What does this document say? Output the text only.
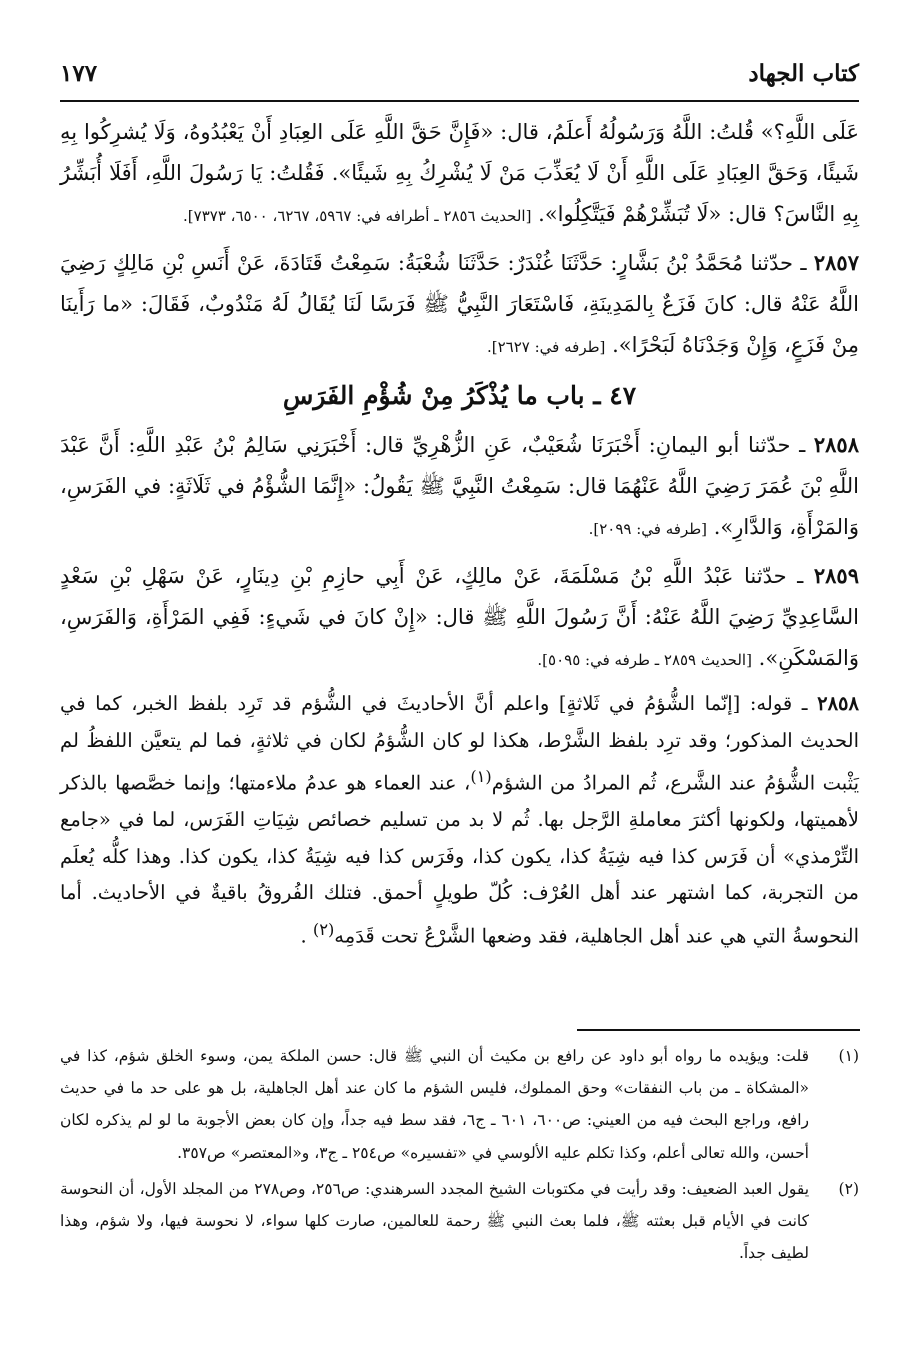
كتاب الجهاد
١٧٧

عَلَى اللَّهِ؟» قُلتُ: اللَّهُ وَرَسُولُهُ أَعلَمُ، قال: «فَإِنَّ حَقَّ اللَّهِ عَلَى العِبَادِ أَنْ يَعْبُدُوهُ، وَلَا يُشرِكُوا بِهِ شَيئًا، وَحَقَّ العِبَادِ عَلَى اللَّهِ أَنْ لَا يُعَذِّبَ مَنْ لَا يُشْرِكُ بِهِ شَيئًا». فَقُلتُ: يَا رَسُولَ اللَّهِ، أَفَلَا أُبَشِّرُ بِهِ النَّاسَ؟ قال: «لَا تُبَشِّرْهُمْ فَيَتَّكِلُوا». [الحديث ٢٨٥٦ ـ أطرافه في: ٥٩٦٧، ٦٢٦٧، ٦٥٠٠، ٧٣٧٣].

٢٨٥٧ ـ حدّثنا مُحَمَّدُ بْنُ بَشَّارٍ: حَدَّثَنَا غُنْدَرٌ: حَدَّثَنَا شُعْبَةُ: سَمِعْتُ قَتَادَةَ، عَنْ أَنَسِ بْنِ مَالِكٍ رَضِيَ اللَّهُ عَنْهُ قال: كانَ فَزَعٌ بِالمَدِينَةِ، فَاسْتَعَارَ النَّبِيُّ ﷺ فَرَسًا لَنَا يُقَالُ لَهُ مَنْدُوبٌ، فَقَالَ: «ما رَأَينَا مِنْ فَزَعٍ، وَإِنْ وَجَدْنَاهُ لَبَحْرًا». [طرفه في: ٢٦٢٧].

٤٧ ـ باب ما يُذْكَرُ مِنْ شُؤْمِ الفَرَسِ

٢٨٥٨ ـ حدّثنا أبو اليمانِ: أَخْبَرَنَا شُعَيْبٌ، عَنِ الزُّهْرِيِّ قال: أَخْبَرَنِي سَالِمُ بْنُ عَبْدِ اللَّهِ: أَنَّ عَبْدَ اللَّهِ بْنَ عُمَرَ رَضِيَ اللَّهُ عَنْهُمَا قال: سَمِعْتُ النَّبِيَّ ﷺ يَقُولُ: «إِنَّمَا الشُّؤْمُ في ثَلَاثَةٍ: في الفَرَسِ، وَالمَرْأَةِ، وَالدَّارِ». [طرفه في: ٢٠٩٩].

٢٨٥٩ ـ حدّثنا عَبْدُ اللَّهِ بْنُ مَسْلَمَةَ، عَنْ مالِكٍ، عَنْ أَبِي حازِمِ بْنِ دِينَارٍ، عَنْ سَهْلِ بْنِ سَعْدٍ السَّاعِدِيِّ رَضِيَ اللَّهُ عَنْهُ: أَنَّ رَسُولَ اللَّهِ ﷺ قال: «إِنْ كانَ في شَيءٍ: فَفِي المَرْأَةِ، وَالفَرَسِ، وَالمَسْكَنِ». [الحديث ٢٨٥٩ ـ طرفه في: ٥٠٩٥].

٢٨٥٨ ـ قوله: [إنّما الشُّؤمُ في ثَلاثةٍ] واعلم أنَّ الأحاديثَ في الشُّؤم قد تَرِد بلفظ الخبر، كما في الحديث المذكور؛ وقد ترِد بلفظ الشَّرْط، هكذا لو كان الشُّؤمُ لكان في ثلاثةٍ، فما لم يتعيَّن اللفظُ لم يَثْبت الشُّؤمُ عند الشَّرع، ثُم المرادُ من الشؤم$^{(١)}$، عند العماء هو عدمُ ملاءمتها؛ وإنما خصَّصها بالذكر لأهميتها، ولكونها أكثرَ معاملةِ الرَّجل بها. ثُم لا بد من تسليم خصائص شِيَاتِ الفَرَس، لما في «جامع التِّرْمذي» أن فَرَس كذا فيه شِيَةُ كذا، يكون كذا، وفَرَس كذا فيه شِيَةُ كذا، يكون كذا. وهذا كلُّه يُعلَم من التجربة، كما اشتهر عند أهل العُرْف: كُلّ طويلٍ أحمق. فتلك الفُروقُ باقيةٌ في الأحاديث. أما النحوسةُ التي هي عند أهل الجاهلية، فقد وضعها الشَّرْعُ تحت قَدَمِه$^{(٢)}$ .

(١)
قلت: ويؤيده ما رواه أبو داود عن رافع بن مكيث أن النبي ﷺ قال: حسن الملكة يمن، وسوء الخلق شؤم، كذا في «المشكاة ـ من باب النفقات» وحق المملوك، فليس الشؤم ما كان عند أهل الجاهلية، بل هو على حد ما في حديث رافع، وراجع البحث فيه من العيني: ص٦٠٠، ٦٠١ ـ ج٦، فقد سط فيه جداً، وإن كان بعض الأجوبة ما لو لم يذكره لكان أحسن، والله تعالى أعلم، وكذا تكلم عليه الألوسي في «تفسيره» ص٢٥٤ ـ ج٣، و«المعتصر» ص٣٥٧.
(٢)
يقول العبد الضعيف: وقد رأيت في مكتوبات الشيخ المجدد السرهندي: ص٢٥٦، وص٢٧٨ من المجلد الأول، أن النحوسة كانت في الأيام قبل بعثته ﷺ، فلما بعث النبي ﷺ رحمة للعالمين، صارت كلها سواء، لا نحوسة فيها، ولا شؤم، وهذا لطيف جداً.
